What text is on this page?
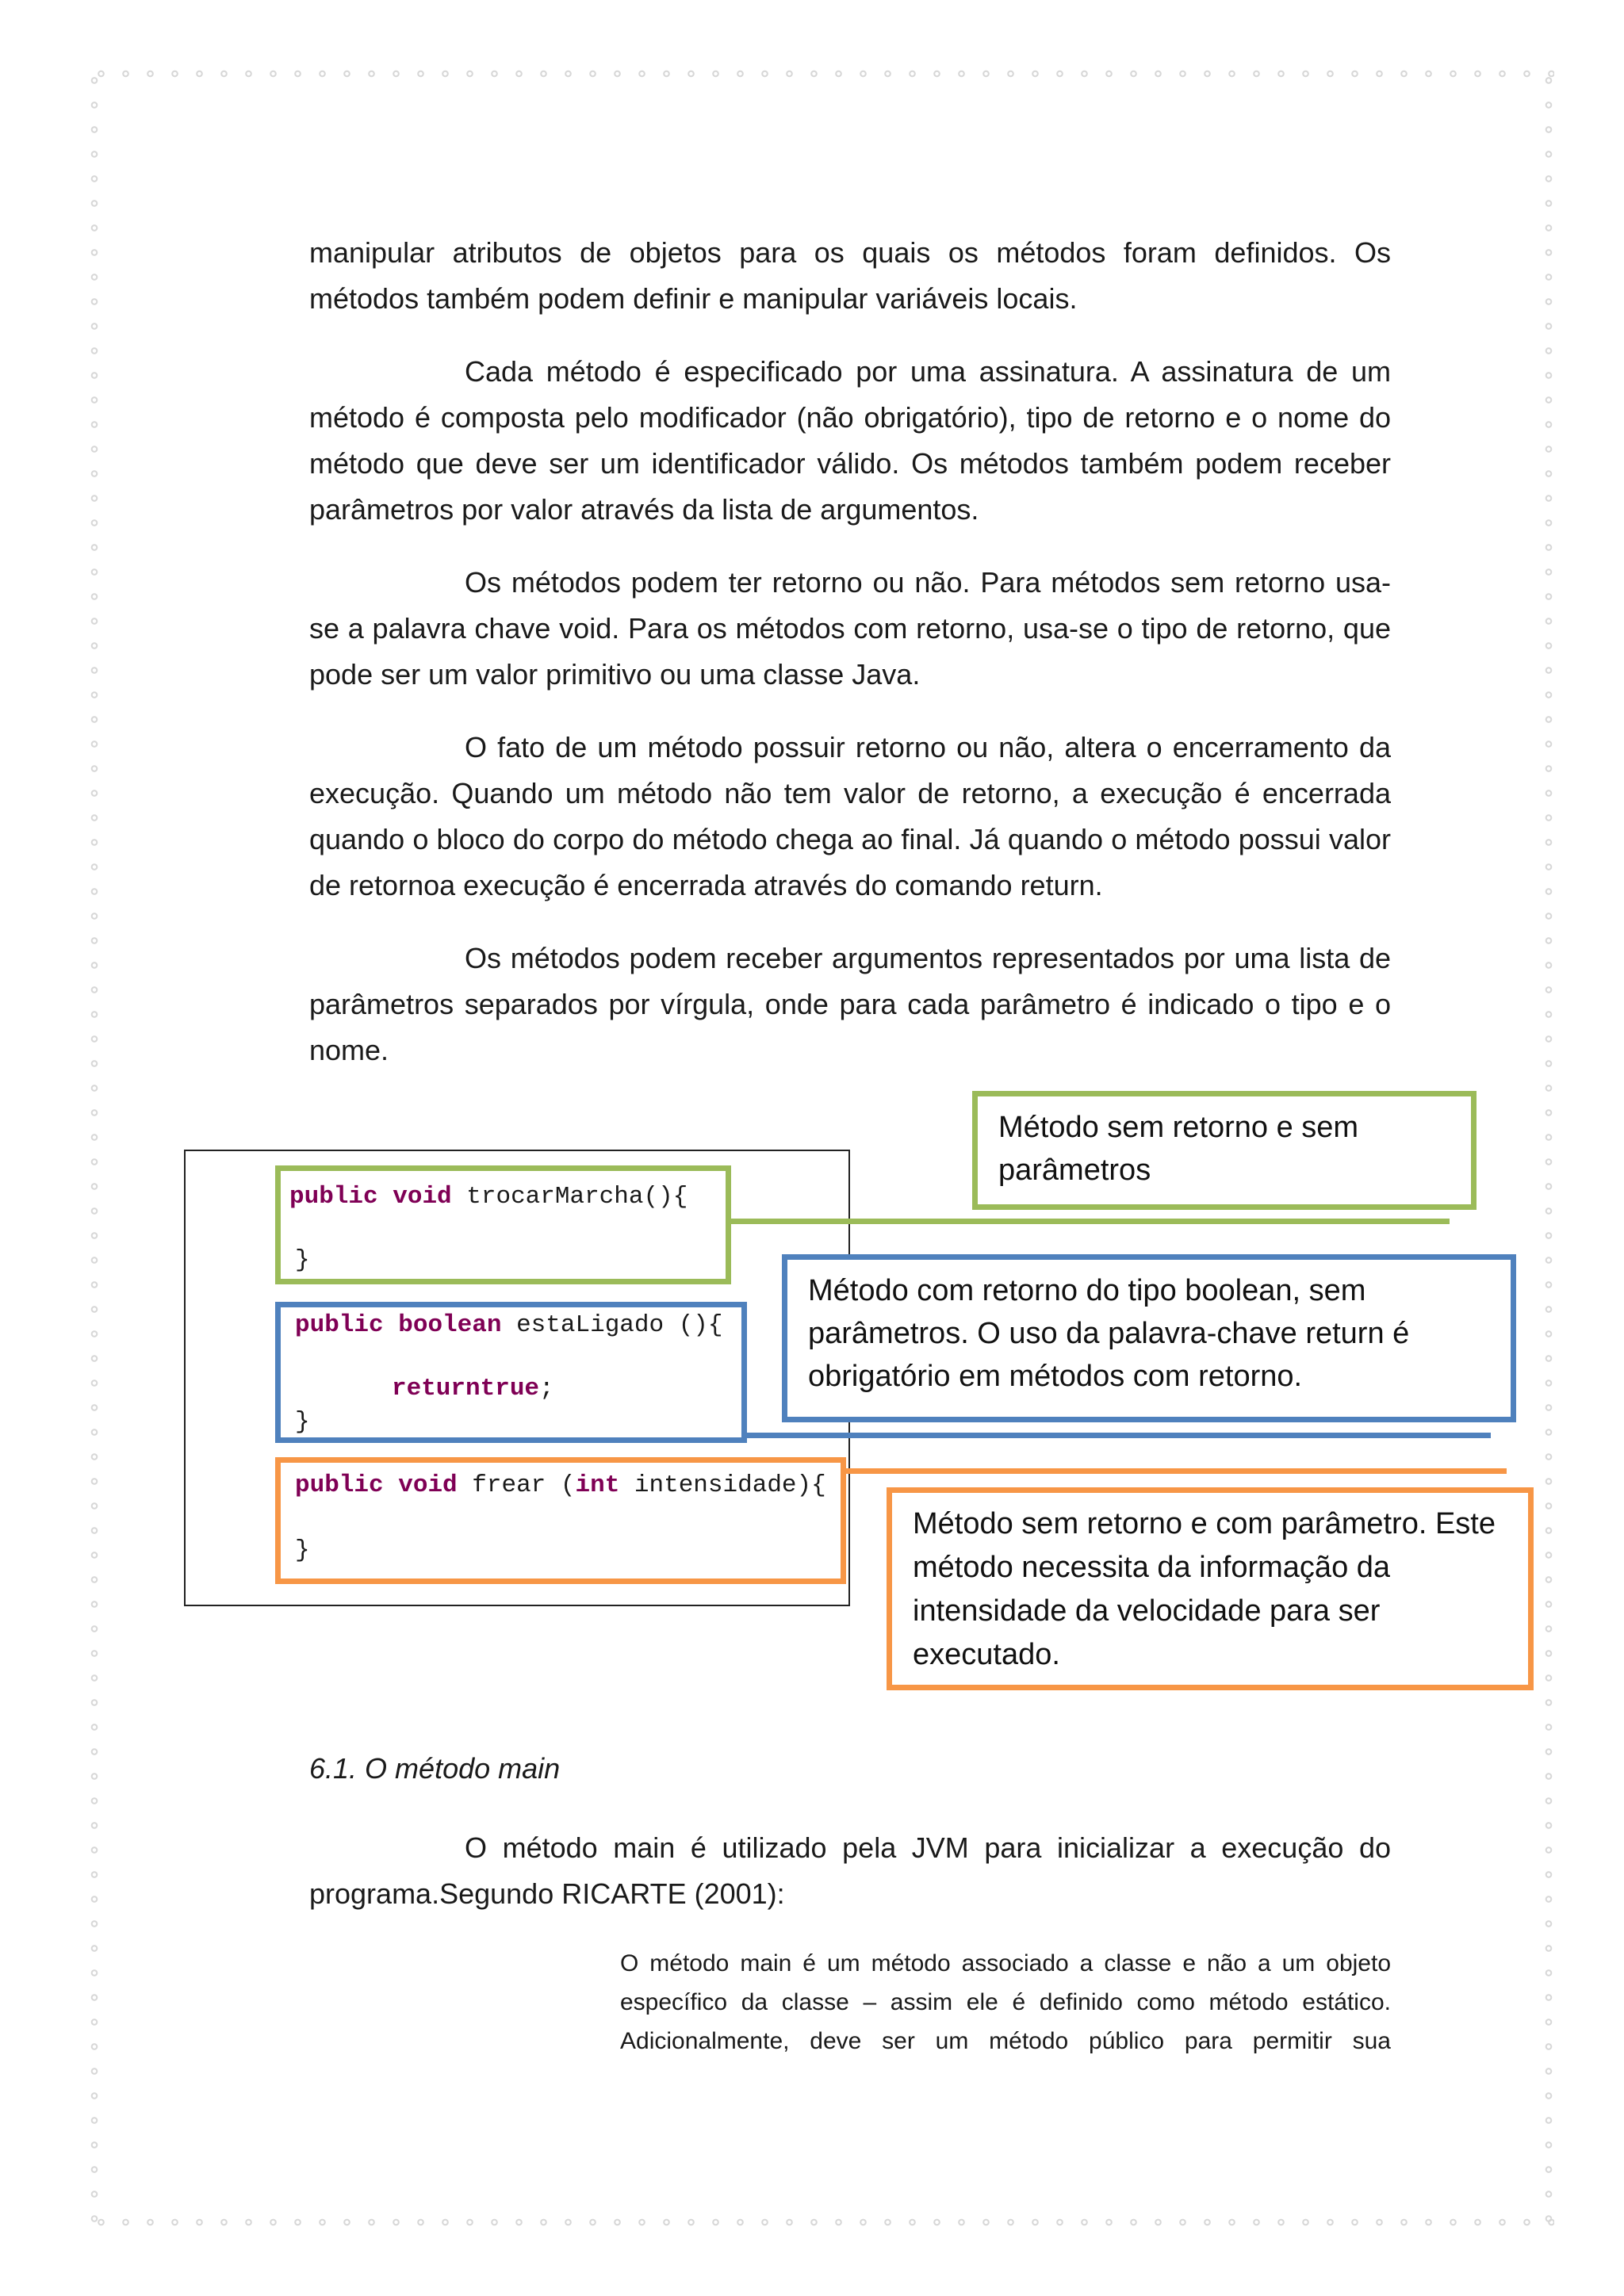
manipular atributos de objetos para os quais os métodos foram definidos. Os métodos também podem definir e manipular variáveis locais.

Cada método é especificado por uma assinatura. A assinatura de um método é composta pelo modificador (não obrigatório), tipo de retorno e o nome do método que deve ser um identificador válido. Os métodos também podem receber parâmetros por valor através da lista de argumentos.

Os métodos podem ter retorno ou não. Para métodos sem retorno usa-se a palavra chave void. Para os métodos com retorno, usa-se o tipo de retorno, que pode ser um valor primitivo ou uma classe Java.

O fato de um método possuir retorno ou não, altera o encerramento da execução. Quando um método não tem valor de retorno, a execução é encerrada quando o bloco do corpo do método chega ao final. Já quando o método possui valor de retornoa execução é encerrada através do comando return.

Os métodos podem receber argumentos representados por uma lista de parâmetros separados por vírgula, onde para cada parâmetro é indicado o tipo e o nome.

public void trocarMarcha(){
}
public boolean estaLigado (){
returntrue;
}
public void frear (int intensidade){
}
Método sem retorno e sem parâmetros
Método com retorno do tipo boolean, sem parâmetros. O uso da palavra-chave return é obrigatório em métodos com retorno.
Método sem retorno e com parâmetro. Este método necessita da informação da intensidade da velocidade para ser executado.
6.1. O método main

O método main é utilizado pela JVM para inicializar a execução do programa.Segundo RICARTE (2001):

O método main é um método associado a classe e não a um objeto específico da classe – assim ele é definido como método estático. Adicionalmente, deve ser um método público para permitir sua
